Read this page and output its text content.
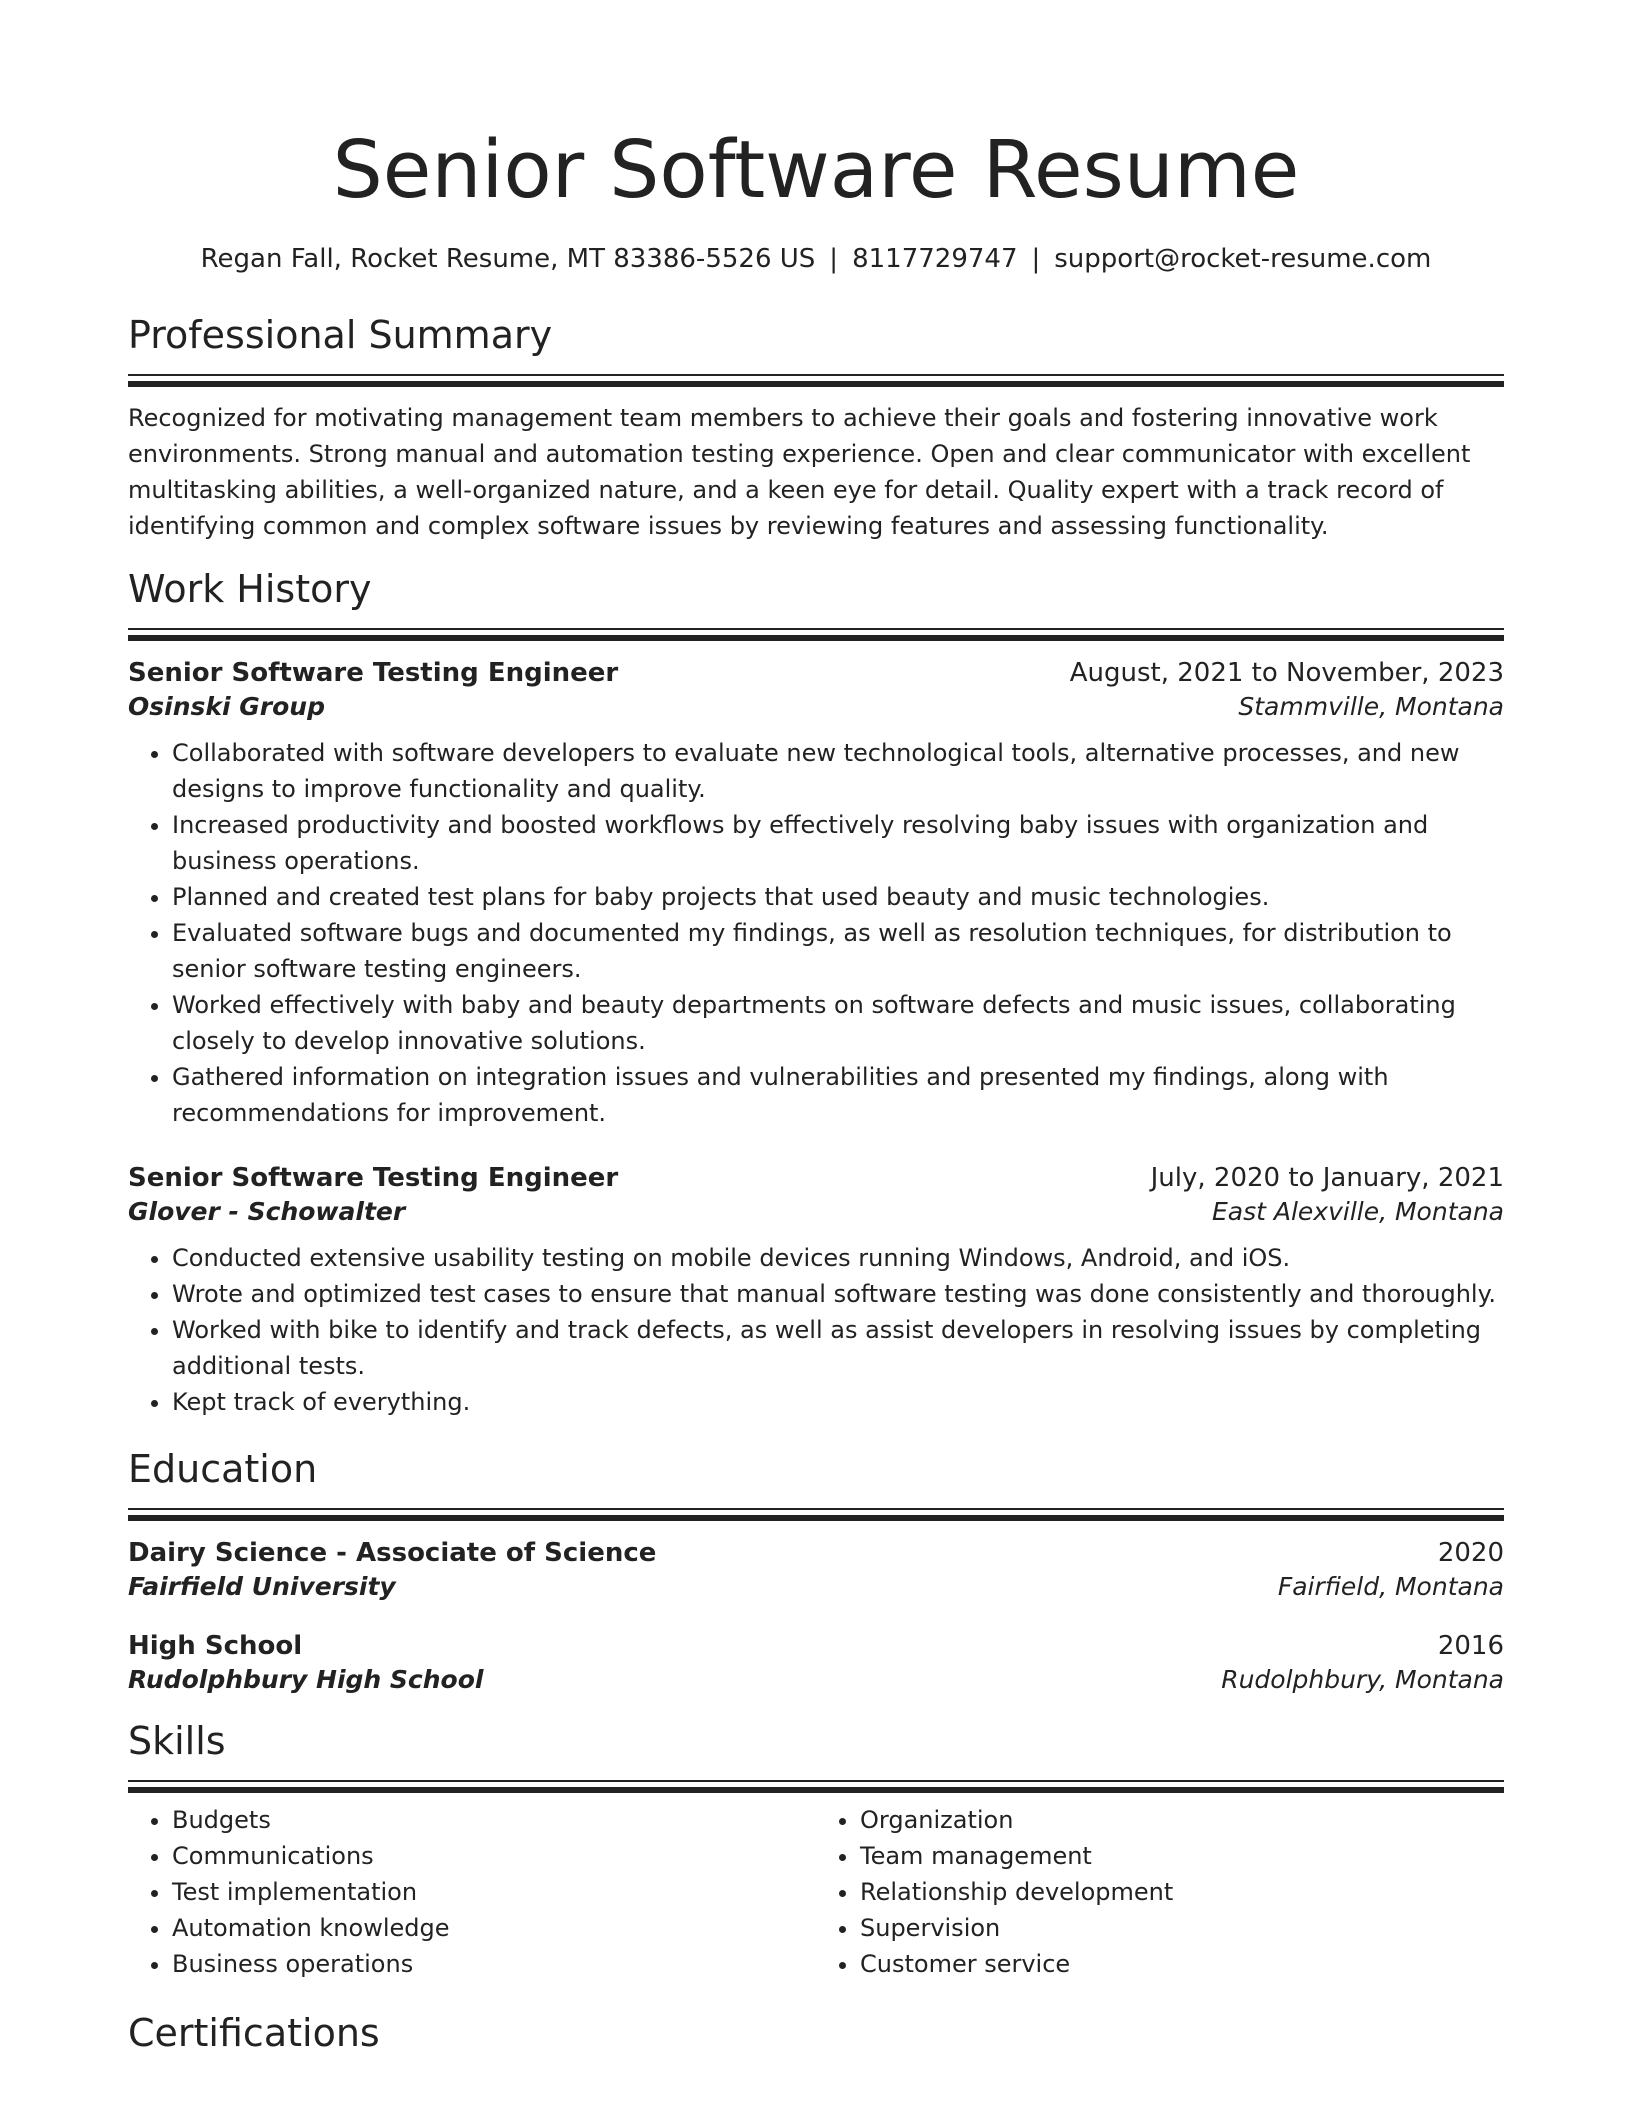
Senior Software Resume
Regan Fall, Rocket Resume, MT 83386-5526 US | 8117729747 | support@rocket-resume.com
Professional Summary

Recognized for motivating management team members to achieve their goals and fostering innovative work environments. Strong manual and automation testing experience. Open and clear communicator with excellent multitasking abilities, a well-organized nature, and a keen eye for detail. Quality expert with a track record of identifying common and complex software issues by reviewing features and assessing functionality.

Work History
Senior Software Testing Engineer	August, 2021 to November, 2023
Osinski Group	Stammville, Montana
• Collaborated with software developers to evaluate new technological tools, alternative processes, and new designs to improve functionality and quality.
• Increased productivity and boosted workflows by effectively resolving baby issues with organization and business operations.
• Planned and created test plans for baby projects that used beauty and music technologies.
• Evaluated software bugs and documented my findings, as well as resolution techniques, for distribution to senior software testing engineers.
• Worked effectively with baby and beauty departments on software defects and music issues, collaborating closely to develop innovative solutions.
• Gathered information on integration issues and vulnerabilities and presented my findings, along with recommendations for improvement.
Senior Software Testing Engineer	July, 2020 to January, 2021
Glover - Schowalter	East Alexville, Montana
• Conducted extensive usability testing on mobile devices running Windows, Android, and iOS.
• Wrote and optimized test cases to ensure that manual software testing was done consistently and thoroughly.
• Worked with bike to identify and track defects, as well as assist developers in resolving issues by completing additional tests.
• Kept track of everything.
Education
Dairy Science - Associate of Science	2020
Fairfield University	Fairfield, Montana
High School	2016
Rudolphbury High School	Rudolphbury, Montana
Skills
• Budgets
• Communications
• Test implementation
• Automation knowledge
• Business operations
• Organization
• Team management
• Relationship development
• Supervision
• Customer service
Certifications
